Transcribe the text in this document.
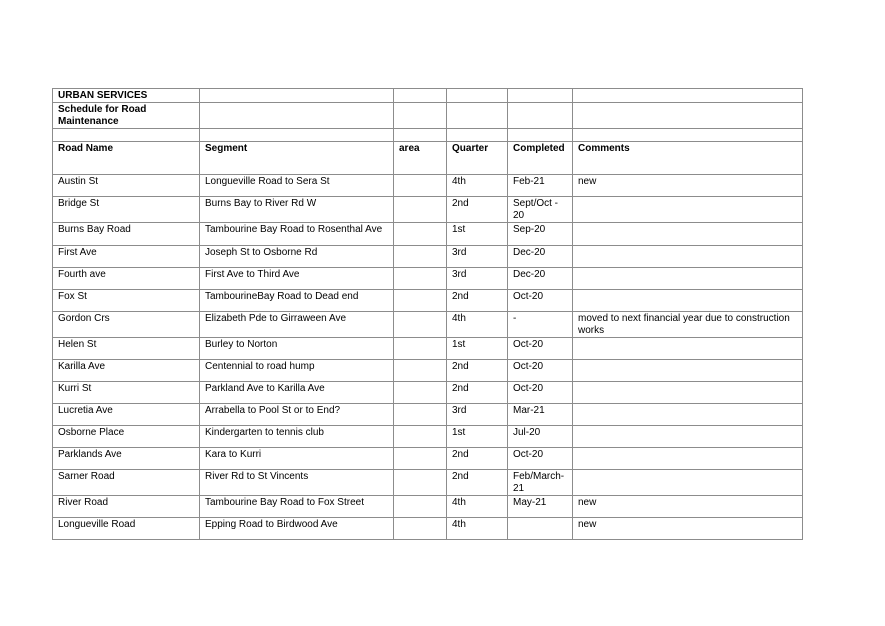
URBAN SERVICES					
Schedule for Road Maintenance					

Road Name	Segment	area	Quarter	Completed	Comments
Austin St	Longueville Road to Sera St		4th	Feb-21	new
Bridge St	Burns Bay to River Rd W		2nd	Sept/Oct - 20	
Burns Bay Road	Tambourine Bay Road to Rosenthal Ave		1st	Sep-20	
First Ave	Joseph St to Osborne Rd		3rd	Dec-20	
Fourth ave	First Ave to Third Ave		3rd	Dec-20	
Fox St	TambourineBay Road to Dead end		2nd	Oct-20	
Gordon Crs	Elizabeth Pde to Girraween Ave		4th	-	moved to next financial year due to construction works
Helen St	Burley to Norton		1st	Oct-20	
Karilla Ave	Centennial to road hump		2nd	Oct-20	
Kurri St	Parkland Ave to Karilla Ave		2nd	Oct-20	
Lucretia Ave	Arrabella to Pool St or to End?		3rd	Mar-21	
Osborne Place	Kindergarten to tennis club		1st	Jul-20	
Parklands Ave	Kara to Kurri		2nd	Oct-20	
Sarner Road	River Rd to St Vincents		2nd	Feb/March-21	
River Road	Tambourine Bay Road to Fox Street		4th	May-21	new
Longueville Road	Epping Road to Birdwood Ave		4th		new
